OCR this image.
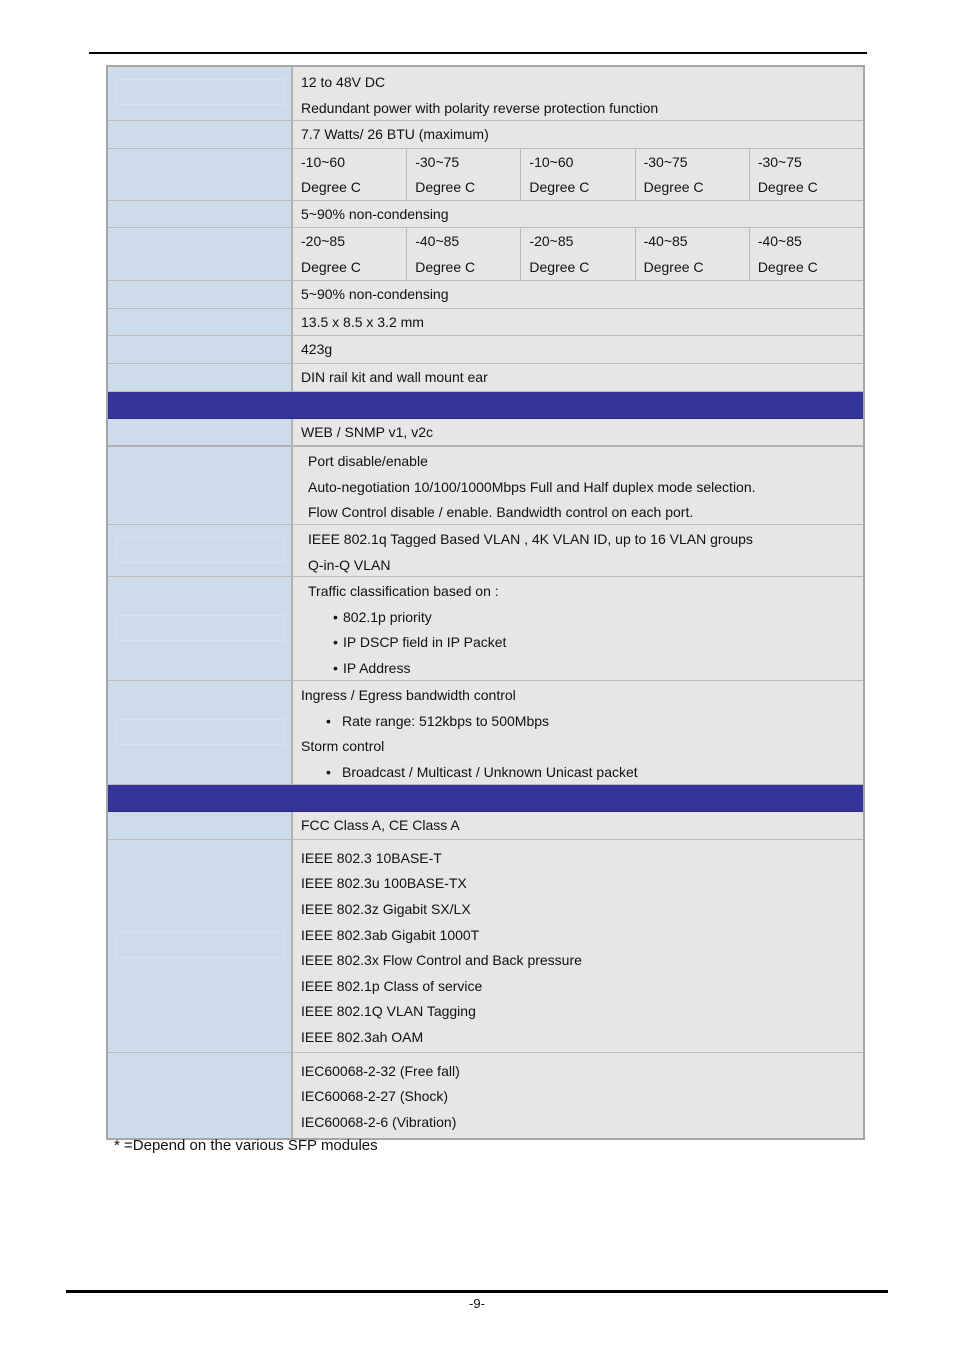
12 to 48V DC
Redundant power with polarity reverse protection function
7.7 Watts/ 26 BTU (maximum)
-10~60
Degree C
-30~75
Degree C
-10~60
Degree C
-30~75
Degree C
-30~75
Degree C
5~90% non-condensing
-20~85
Degree C
-40~85
Degree C
-20~85
Degree C
-40~85
Degree C
-40~85
Degree C
5~90% non-condensing
13.5 x 8.5 x 3.2 mm
423g
DIN rail kit and wall mount ear
WEB / SNMP v1, v2c
Port disable/enable
Auto-negotiation 10/100/1000Mbps Full and Half duplex mode selection.
Flow Control disable / enable. Bandwidth control on each port.
IEEE 802.1q Tagged Based VLAN , 4K VLAN ID, up to 16 VLAN groups
Q-in-Q VLAN
Traffic classification based on :
• 802.1p priority
• IP DSCP field in IP Packet
• IP Address
Ingress / Egress bandwidth control
• Rate range: 512kbps to 500Mbps
Storm control
• Broadcast / Multicast / Unknown Unicast packet
FCC Class A, CE Class A
IEEE 802.3 10BASE-T
IEEE 802.3u 100BASE-TX
IEEE 802.3z Gigabit SX/LX
IEEE 802.3ab Gigabit 1000T
IEEE 802.3x Flow Control and Back pressure
IEEE 802.1p Class of service
IEEE 802.1Q VLAN Tagging
IEEE 802.3ah OAM
IEC60068-2-32 (Free fall)
IEC60068-2-27 (Shock)
IEC60068-2-6 (Vibration)
* =Depend on the various SFP modules
-9-
